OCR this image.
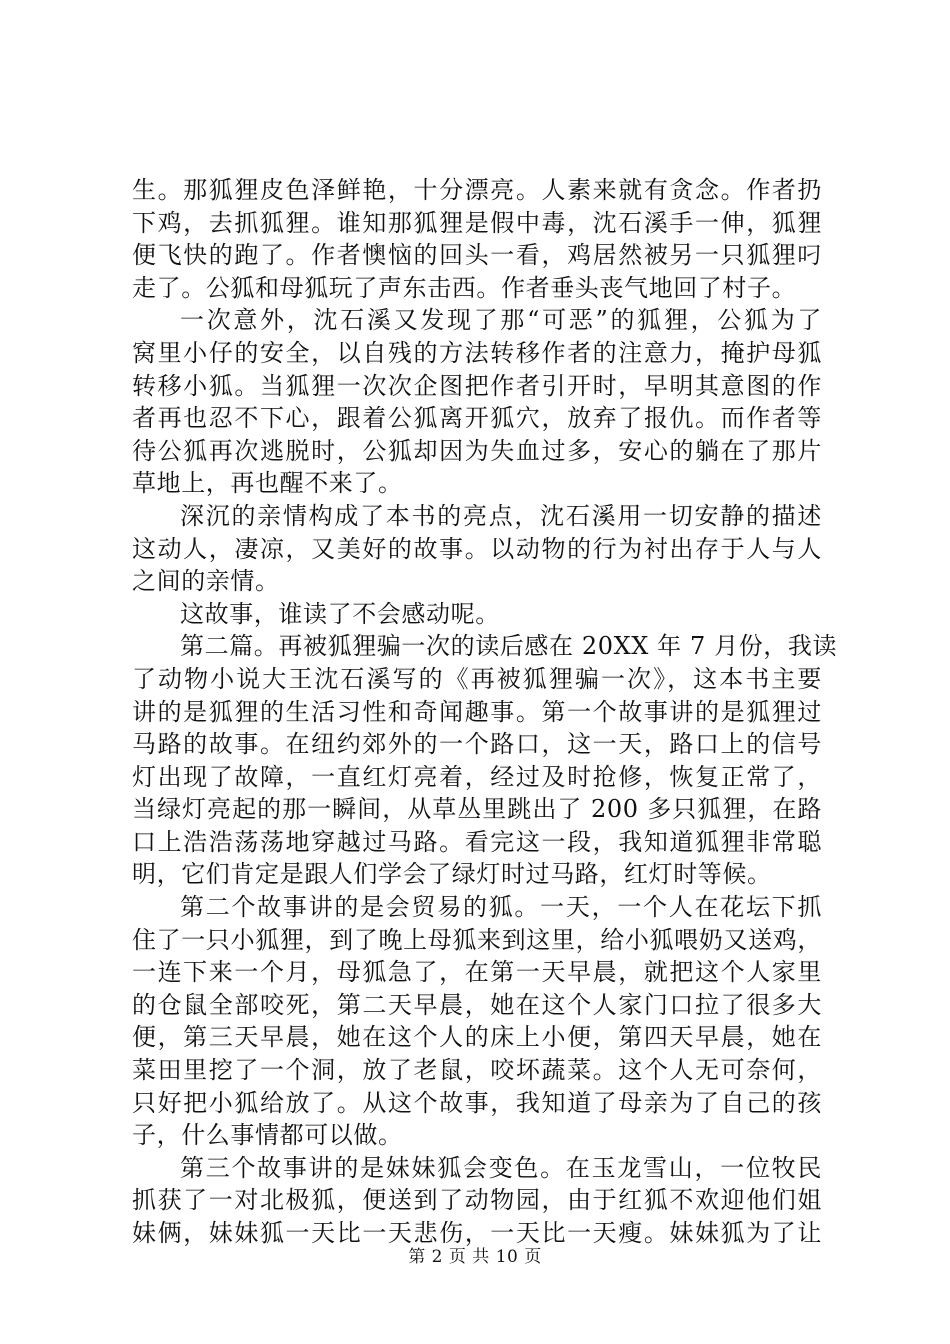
生。那狐狸皮色泽鲜艳，十分漂亮。人素来就有贪念。作者扔
下鸡，去抓狐狸。谁知那狐狸是假中毒，沈石溪手一伸，狐狸
便飞快的跑了。作者懊恼的回头一看，鸡居然被另一只狐狸叼
走了。公狐和母狐玩了声东击西。作者垂头丧气地回了村子。
一次意外，沈石溪又发现了那“可恶”的狐狸，公狐为了
窝里小仔的安全，以自残的方法转移作者的注意力，掩护母狐
转移小狐。当狐狸一次次企图把作者引开时，早明其意图的作
者再也忍不下心，跟着公狐离开狐穴，放弃了报仇。而作者等
待公狐再次逃脱时，公狐却因为失血过多，安心的躺在了那片
草地上，再也醒不来了。
深沉的亲情构成了本书的亮点，沈石溪用一切安静的描述
这动人，凄凉，又美好的故事。以动物的行为衬出存于人与人
之间的亲情。
这故事，谁读了不会感动呢。
第二篇。再被狐狸骗一次的读后感在 20XX 年 7 月份，我读
了动物小说大王沈石溪写的《再被狐狸骗一次》，这本书主要
讲的是狐狸的生活习性和奇闻趣事。第一个故事讲的是狐狸过
马路的故事。在纽约郊外的一个路口，这一天，路口上的信号
灯出现了故障，一直红灯亮着，经过及时抢修，恢复正常了，
当绿灯亮起的那一瞬间，从草丛里跳出了 200 多只狐狸，在路
口上浩浩荡荡地穿越过马路。看完这一段，我知道狐狸非常聪
明，它们肯定是跟人们学会了绿灯时过马路，红灯时等候。
第二个故事讲的是会贸易的狐。一天，一个人在花坛下抓
住了一只小狐狸，到了晚上母狐来到这里，给小狐喂奶又送鸡，
一连下来一个月，母狐急了，在第一天早晨，就把这个人家里
的仓鼠全部咬死，第二天早晨，她在这个人家门口拉了很多大
便，第三天早晨，她在这个人的床上小便，第四天早晨，她在
菜田里挖了一个洞，放了老鼠，咬坏蔬菜。这个人无可奈何，
只好把小狐给放了。从这个故事，我知道了母亲为了自己的孩
子，什么事情都可以做。
第三个故事讲的是妹妹狐会变色。在玉龙雪山，一位牧民
抓获了一对北极狐，便送到了动物园，由于红狐不欢迎他们姐
妹俩，妹妹狐一天比一天悲伤，一天比一天瘦。妹妹狐为了让
第 2 页 共 10 页
